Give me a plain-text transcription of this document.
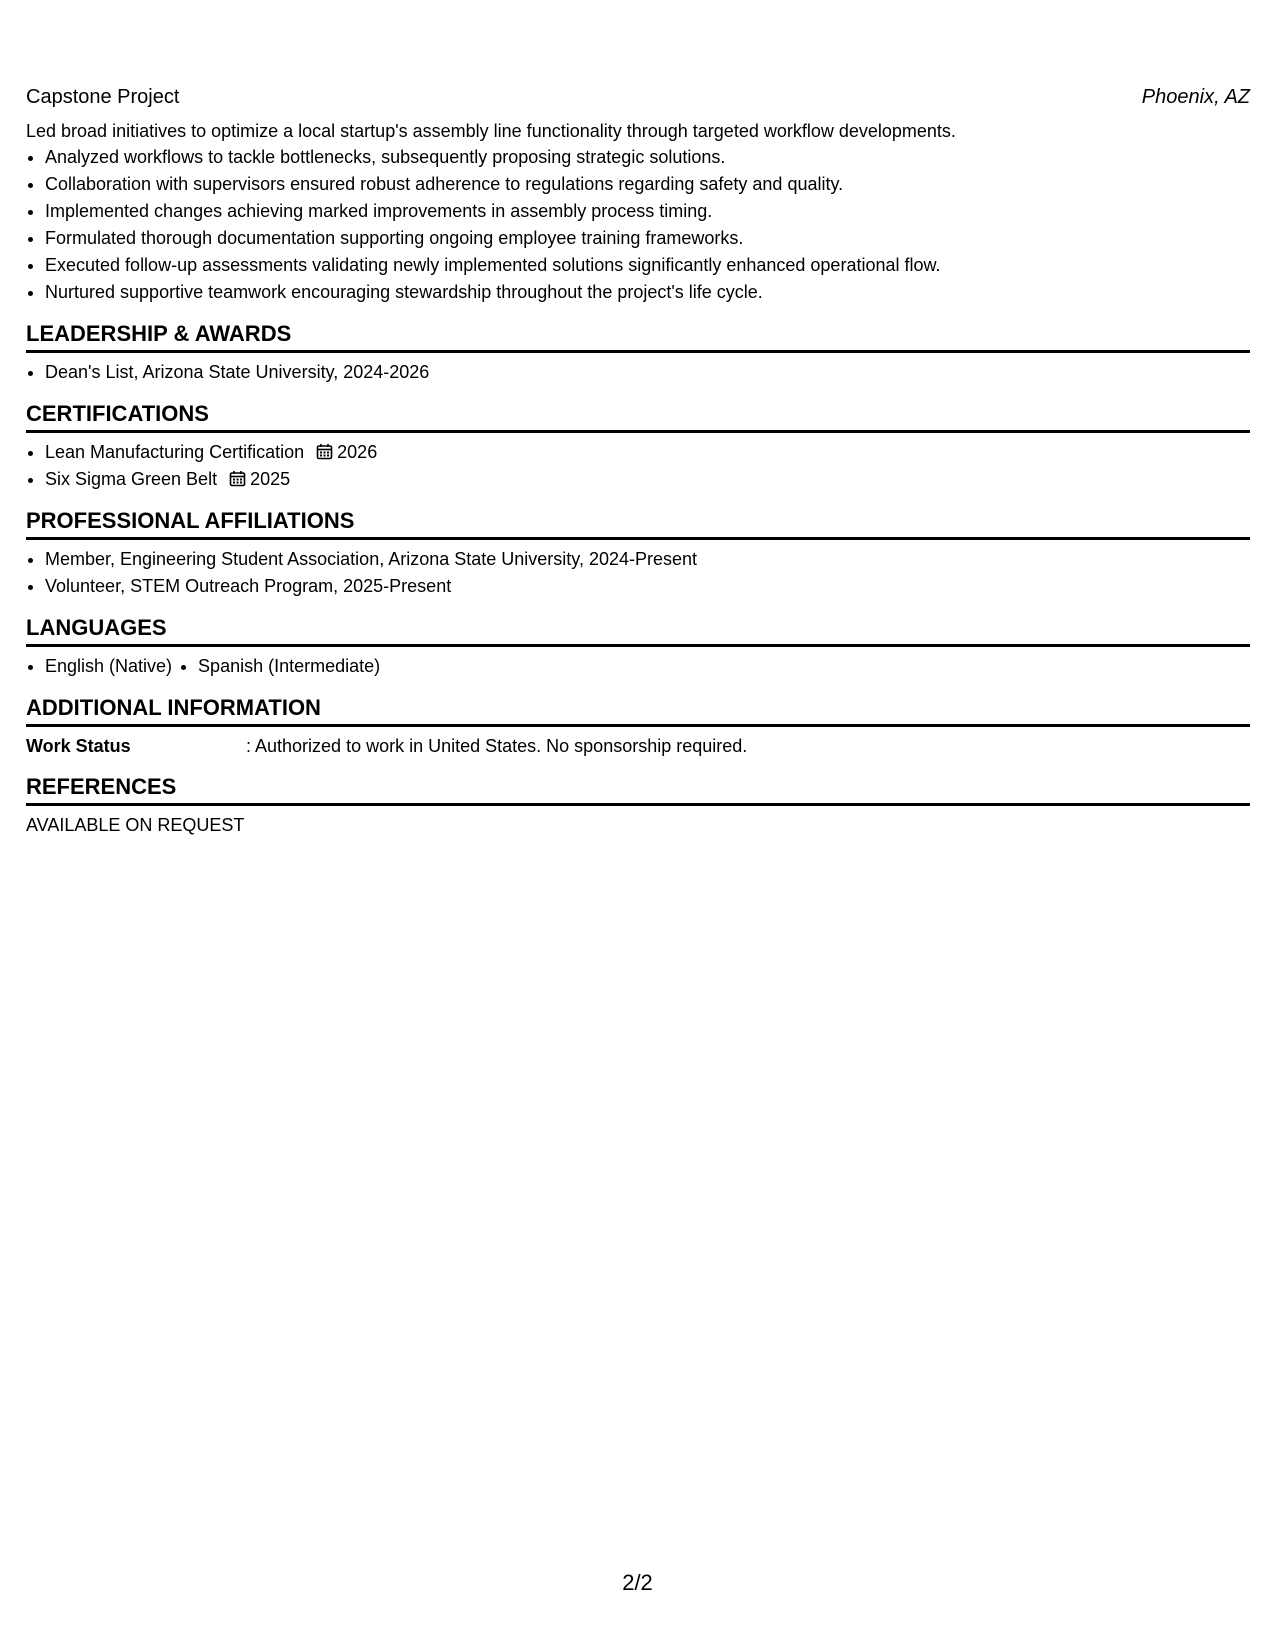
Capstone Project	Phoenix, AZ
Led broad initiatives to optimize a local startup's assembly line functionality through targeted workflow developments.
• Analyzed workflows to tackle bottlenecks, subsequently proposing strategic solutions.
• Collaboration with supervisors ensured robust adherence to regulations regarding safety and quality.
• Implemented changes achieving marked improvements in assembly process timing.
• Formulated thorough documentation supporting ongoing employee training frameworks.
• Executed follow-up assessments validating newly implemented solutions significantly enhanced operational flow.
• Nurtured supportive teamwork encouraging stewardship throughout the project's life cycle.
LEADERSHIP & AWARDS
• Dean's List, Arizona State University, 2024-2026
CERTIFICATIONS
• Lean Manufacturing Certification 2026
• Six Sigma Green Belt 2025
PROFESSIONAL AFFILIATIONS
• Member, Engineering Student Association, Arizona State University, 2024-Present
• Volunteer, STEM Outreach Program, 2025-Present
LANGUAGES
• English (Native)
• Spanish (Intermediate)
ADDITIONAL INFORMATION
Work Status	: Authorized to work in United States. No sponsorship required.
REFERENCES
AVAILABLE ON REQUEST
2/2
